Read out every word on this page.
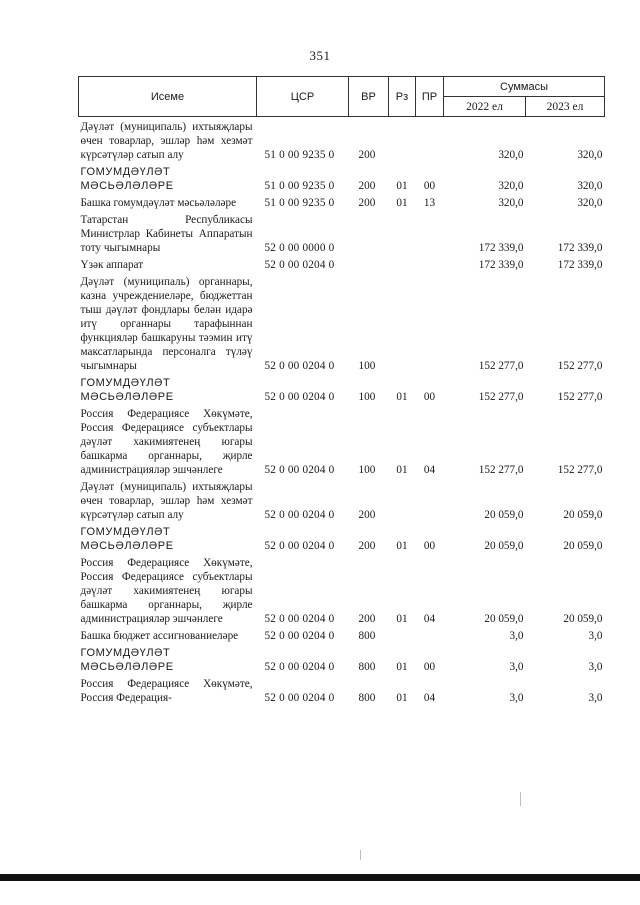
351
Исеме	ЦСР	ВР	Рз	ПР	Суммасы	
					2022 ел	2023 ел
Дәүләт (муниципаль) ихтыяҗлары өчен товарлар, эшләр һәм хезмәт күрсәтүләр сатып алу	51 0 00 9235 0	200			320,0	320,0
ГОМУМДӘҮЛӘТ МӘСЬӘЛӘЛӘРЕ	51 0 00 9235 0	200	01	00	320,0	320,0
Башка гомумдәүләт мәсьәләләре	51 0 00 9235 0	200	01	13	320,0	320,0
Татарстан Республикасы Министрлар Кабинеты Аппаратын тоту чыгымнары	52 0 00 0000 0				172 339,0	172 339,0
Үзәк аппарат	52 0 00 0204 0				172 339,0	172 339,0
Дәүләт (муниципаль) органнары, казна учреждениеләре, бюджеттан тыш дәүләт фондлары белән идарә итү органнары тарафыннан функцияләр башкаруны тәэмин итү максатларында персоналга түләү чыгымнары	52 0 00 0204 0	100			152 277,0	152 277,0
ГОМУМДӘҮЛӘТ МӘСЬӘЛӘЛӘРЕ	52 0 00 0204 0	100	01	00	152 277,0	152 277,0
Россия Федерациясе Хөкүмәте, Россия Федерациясе субъектлары дәүләт хакимиятенең югары башкарма органнары, җирле администрацияләр эшчәнлеге	52 0 00 0204 0	100	01	04	152 277,0	152 277,0
Дәүләт (муниципаль) ихтыяҗлары өчен товарлар, эшләр һәм хезмәт күрсәтүләр сатып алу	52 0 00 0204 0	200			20 059,0	20 059,0
ГОМУМДӘҮЛӘТ МӘСЬӘЛӘЛӘРЕ	52 0 00 0204 0	200	01	00	20 059,0	20 059,0
Россия Федерациясе Хөкүмәте, Россия Федерациясе субъектлары дәүләт хакимиятенең югары башкарма органнары, җирле администрацияләр эшчәнлеге	52 0 00 0204 0	200	01	04	20 059,0	20 059,0
Башка бюджет ассигнованиеләре	52 0 00 0204 0	800			3,0	3,0
ГОМУМДӘҮЛӘТ МӘСЬӘЛӘЛӘРЕ	52 0 00 0204 0	800	01	00	3,0	3,0
Россия Федерациясе Хөкүмәте, Россия Федерация-	52 0 00 0204 0	800	01	04	3,0	3,0
